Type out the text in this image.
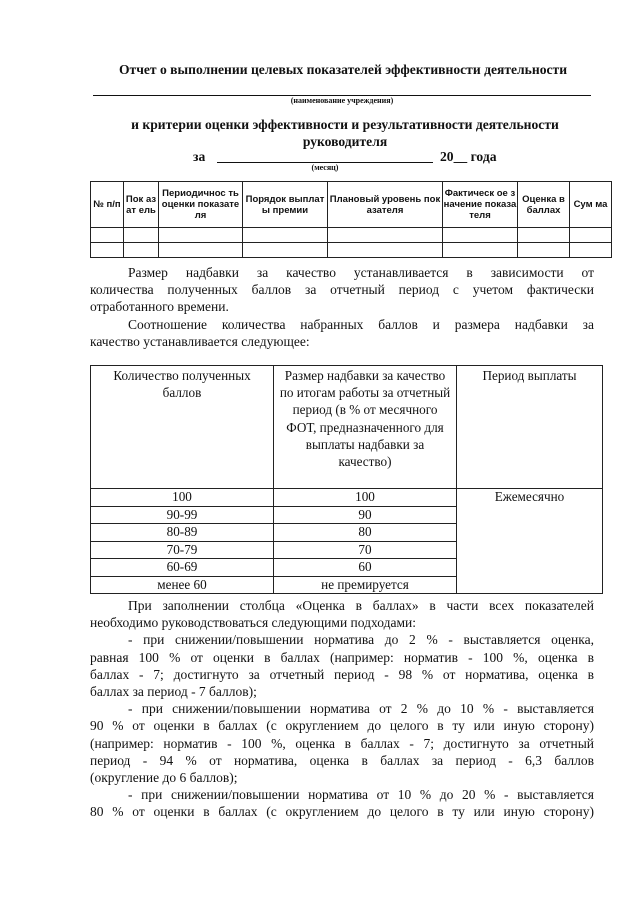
Отчет о выполнении целевых показателей эффективности деятельности
(наименование учреждения)
и критерии оценки эффективности и результативности деятельности руководителя
за	20__ года
(месяц)
№ п/п	Пок азат ель	Периодичнос ть оценки показателя	Порядок выплаты премии	Плановый уровень показателя	Фактическ ое значение показателя	Оценка в баллах	Сум ма

Размер надбавки за качество устанавливается в зависимости от
количества полученных баллов за отчетный период с учетом фактически
отработанного времени.
Соотношение количества набранных баллов и размера надбавки за
качество устанавливается следующее:
Количество полученных баллов	Размер надбавки за качество по итогам работы за отчетный период (в % от месячного ФОТ, предназначенного для выплаты надбавки за качество)	Период выплаты
100	100	Ежемесячно
90-99	90	
80-89	80	
70-79	70	
60-69	60	
менее 60	не премируется	
При заполнении столбца «Оценка в баллах» в части всех показателей
необходимо руководствоваться следующими подходами:
- при снижении/повышении норматива до 2 % - выставляется оценка,
равная 100 % от оценки в баллах (например: норматив - 100 %, оценка в
баллах - 7; достигнуто за отчетный период - 98 % от норматива, оценка в
баллах за период - 7 баллов);
- при снижении/повышении норматива от 2 % до 10 % - выставляется
90 % от оценки в баллах (с округлением до целого в ту или иную сторону)
(например: норматив - 100 %, оценка в баллах - 7; достигнуто за отчетный
период - 94 % от норматива, оценка в баллах за период - 6,3 баллов
(округление до 6 баллов);
- при снижении/повышении норматива от 10 % до 20 % - выставляется
80 % от оценки в баллах (с округлением до целого в ту или иную сторону)
